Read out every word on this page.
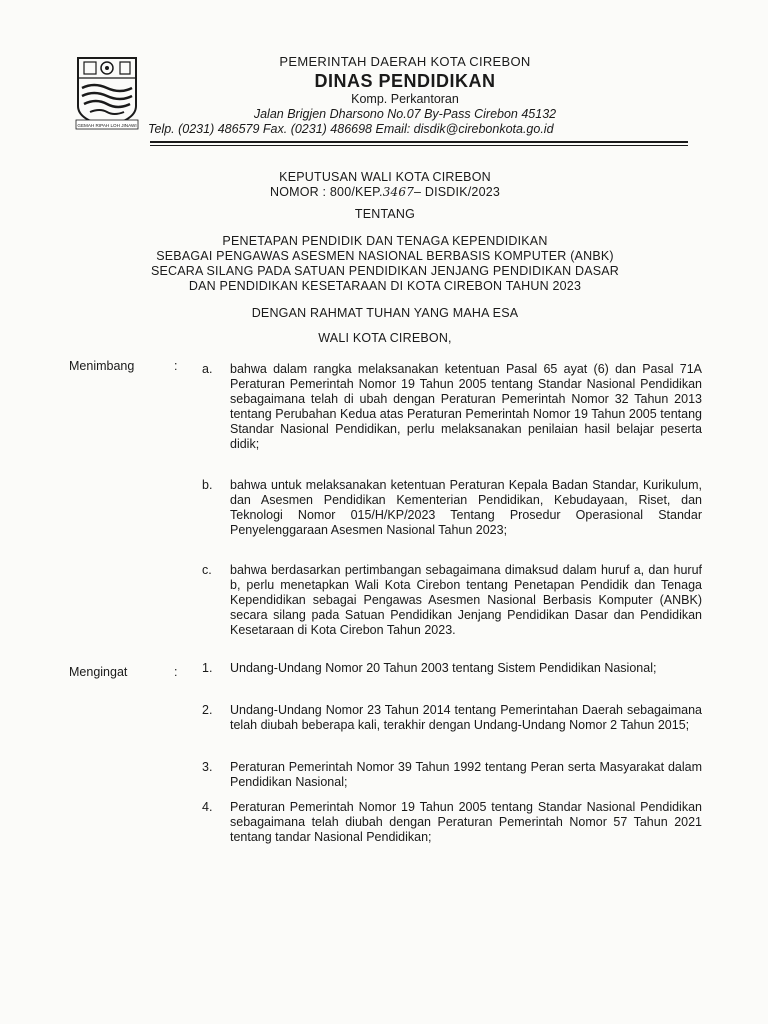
GEMAH RIPAH LOH JINAWI
PEMERINTAH DAERAH KOTA CIREBON
DINAS PENDIDIKAN
Komp. Perkantoran
Jalan Brigjen Dharsono No.07 By-Pass Cirebon 45132
Telp. (0231) 486579 Fax. (0231) 486698 Email: disdik@cirebonkota.go.id
KEPUTUSAN WALI KOTA CIREBON
NOMOR : 800/KEP.3467– DISDIK/2023
TENTANG
PENETAPAN PENDIDIK DAN TENAGA KEPENDIDIKAN
SEBAGAI PENGAWAS ASESMEN NASIONAL BERBASIS KOMPUTER (ANBK)
SECARA SILANG PADA SATUAN PENDIDIKAN JENJANG PENDIDIKAN DASAR
DAN PENDIDIKAN KESETARAAN DI KOTA CIREBON TAHUN 2023
DENGAN RAHMAT TUHAN YANG MAHA ESA
WALI KOTA CIREBON,
Menimbang	: a. bahwa dalam rangka melaksanakan ketentuan Pasal 65 ayat (6) dan Pasal 71A Peraturan Pemerintah Nomor 19 Tahun 2005 tentang Standar Nasional Pendidikan sebagaimana telah di ubah dengan Peraturan Pemerintah Nomor 32 Tahun 2013 tentang Perubahan Kedua atas Peraturan Pemerintah Nomor 19 Tahun 2005 tentang Standar Nasional Pendidikan, perlu melaksanakan penilaian hasil belajar peserta didik;
b. bahwa untuk melaksanakan ketentuan Peraturan Kepala Badan Standar, Kurikulum, dan Asesmen Pendidikan Kementerian Pendidikan, Kebudayaan, Riset, dan Teknologi Nomor 015/H/KP/2023 Tentang Prosedur Operasional Standar Penyelenggaraan Asesmen Nasional Tahun 2023;
c. bahwa berdasarkan pertimbangan sebagaimana dimaksud dalam huruf a, dan huruf b, perlu menetapkan Wali Kota Cirebon tentang Penetapan Pendidik dan Tenaga Kependidikan sebagai Pengawas Asesmen Nasional Berbasis Komputer (ANBK) secara silang pada Satuan Pendidikan Jenjang Pendidikan Dasar dan Pendidikan Kesetaraan di Kota Cirebon Tahun 2023.
Mengingat	: 1. Undang-Undang Nomor 20 Tahun 2003 tentang Sistem Pendidikan Nasional;
2. Undang-Undang Nomor 23 Tahun 2014 tentang Pemerintahan Daerah sebagaimana telah diubah beberapa kali, terakhir dengan Undang-Undang Nomor 2 Tahun 2015;
3. Peraturan Pemerintah Nomor 39 Tahun 1992 tentang Peran serta Masyarakat dalam Pendidikan Nasional;
4. Peraturan Pemerintah Nomor 19 Tahun 2005 tentang Standar Nasional Pendidikan sebagaimana telah diubah dengan Peraturan Pemerintah Nomor 57 Tahun 2021 tentang tandar Nasional Pendidikan;
